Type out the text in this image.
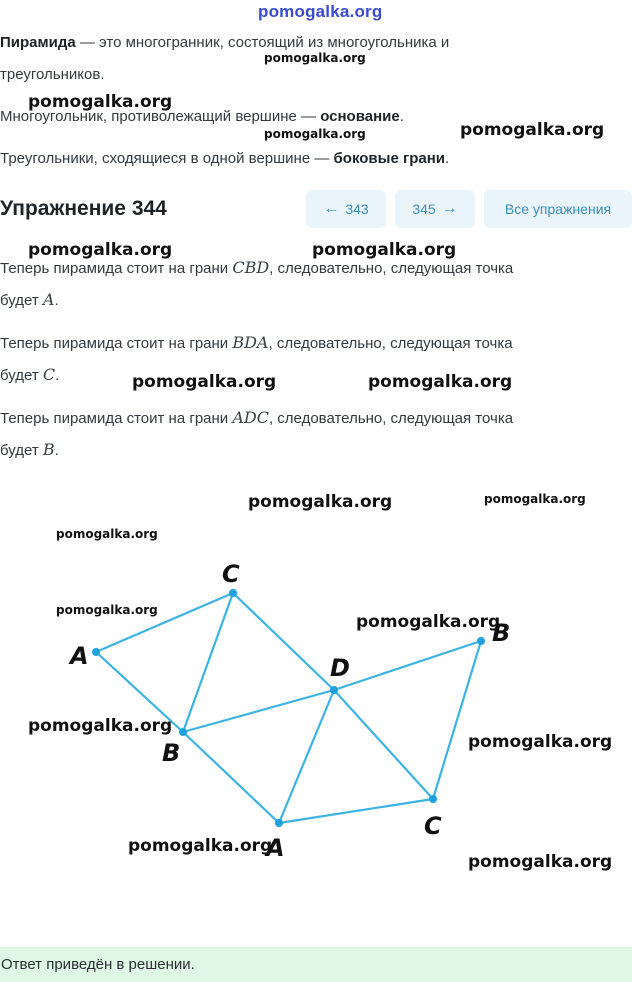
pomogalka.org
Пирамида — это многогранник, состоящий из многоугольника и
треугольников.
Многоугольник, противолежащий вершине — основание.
Треугольники, сходящиеся в одной вершине — боковые грани.
Упражнение 344	← 343	345 →	Все упражнения
Теперь пирамида стоит на грани CBD, следовательно, следующая точка
будет A.
Теперь пирамида стоит на грани BDA, следовательно, следующая точка
будет C.
Теперь пирамида стоит на грани ADC, следовательно, следующая точка
будет B.
C
A	D
B
B
C
A
Ответ приведён в решении.
pomogalka.org
pomogalka.org
pomogalka.org	pomogalka.org
pomogalka.org	pomogalka.org
pomogalka.org	pomogalka.org
pomogalka.org	pomogalka.org
pomogalka.org
pomogalka.org
pomogalka.org
pomogalka.org
pomogalka.org
pomogalka.org
pomogalka.org
